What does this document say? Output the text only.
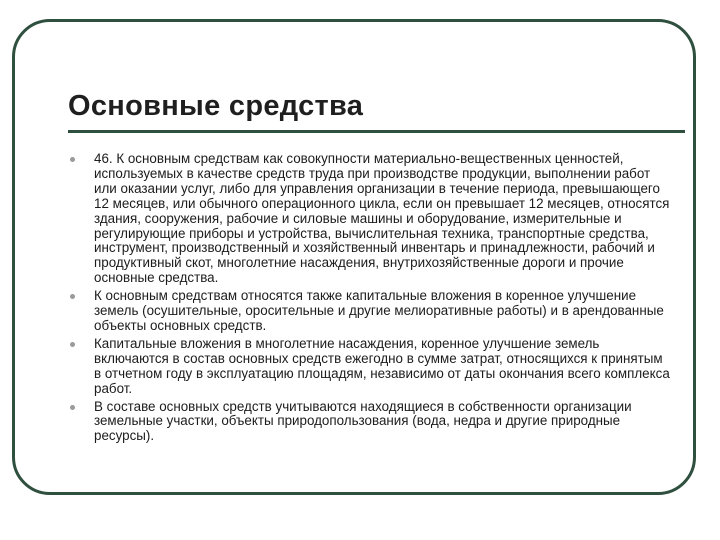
Основные средства
46. К основным средствам как совокупности материально-вещественных ценностей, используемых в качестве средств труда при производстве продукции, выполнении работ или оказании услуг, либо для управления организации в течение периода, превышающего 12 месяцев, или обычного операционного цикла, если он превышает 12 месяцев, относятся здания, сооружения, рабочие и силовые машины и оборудование, измерительные и регулирующие приборы и устройства, вычислительная техника, транспортные средства, инструмент, производственный и хозяйственный инвентарь и принадлежности, рабочий и продуктивный скот, многолетние насаждения, внутрихозяйственные дороги и прочие основные средства.
К основным средствам относятся также капитальные вложения в коренное улучшение земель (осушительные, оросительные и другие мелиоративные работы) и в арендованные объекты основных средств.
Капитальные вложения в многолетние насаждения, коренное улучшение земель включаются в состав основных средств ежегодно в сумме затрат, относящихся к принятым в отчетном году в эксплуатацию площадям, независимо от даты окончания всего комплекса работ.
В составе основных средств учитываются находящиеся в собственности организации земельные участки, объекты природопользования (вода, недра и другие природные ресурсы).
